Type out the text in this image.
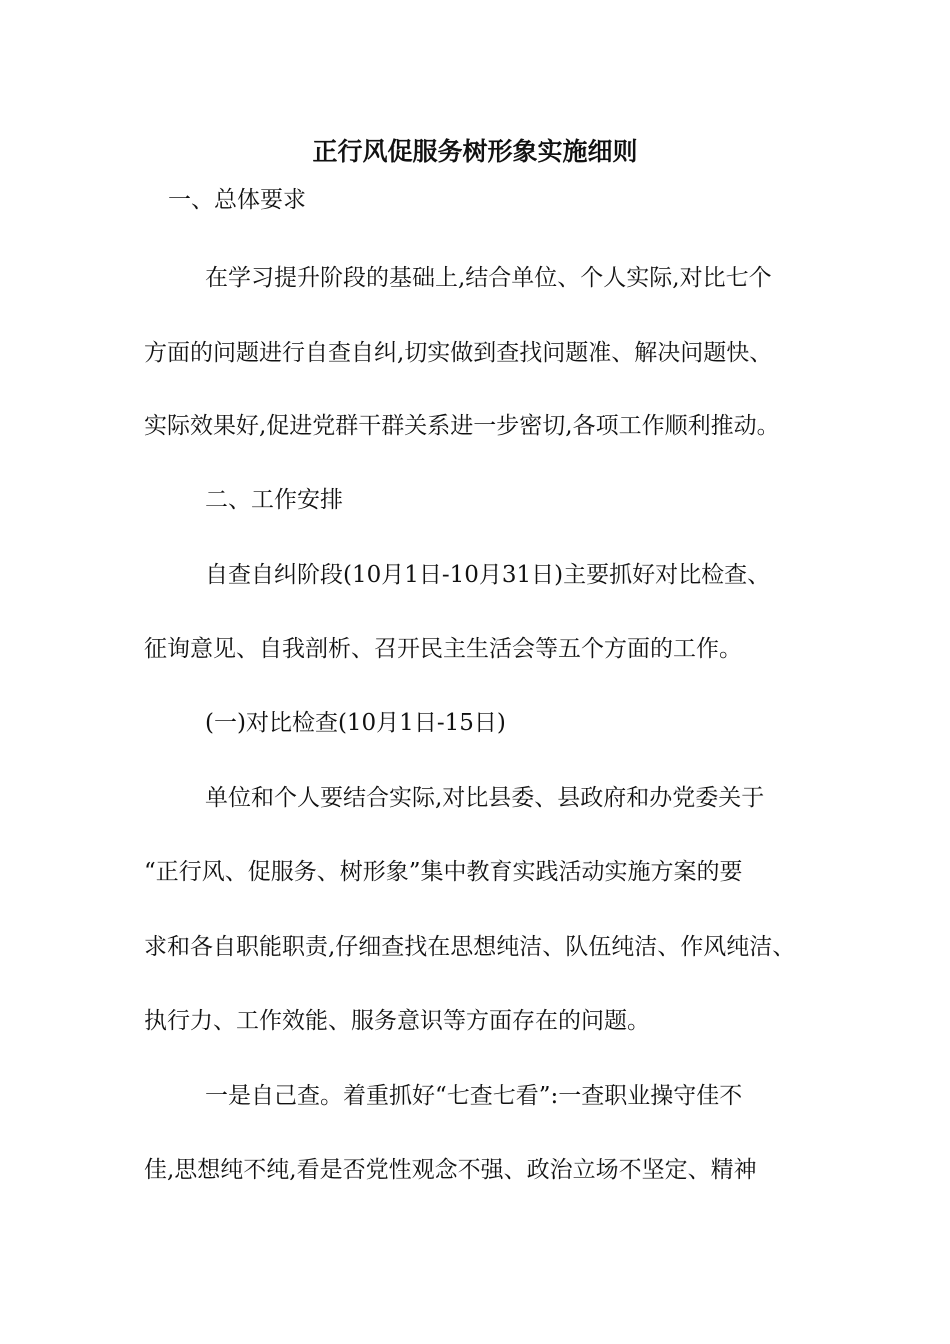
正行风促服务树形象实施细则
一、总体要求
在学习提升阶段的基础上,结合单位、个人实际,对比七个
方面的问题进行自查自纠,切实做到查找问题准、解决问题快、
实际效果好,促进党群干群关系进一步密切,各项工作顺利推动。
二、工作安排
自查自纠阶段(10月1日-10月31日)主要抓好对比检查、
征询意见、自我剖析、召开民主生活会等五个方面的工作。
(一)对比检查(10月1日-15日)
单位和个人要结合实际,对比县委、县政府和办党委关于
“正行风、促服务、树形象”集中教育实践活动实施方案的要
求和各自职能职责,仔细查找在思想纯洁、队伍纯洁、作风纯洁、
执行力、工作效能、服务意识等方面存在的问题。
一是自己查。着重抓好“七查七看”:一查职业操守佳不
佳,思想纯不纯,看是否党性观念不强、政治立场不坚定、精神
